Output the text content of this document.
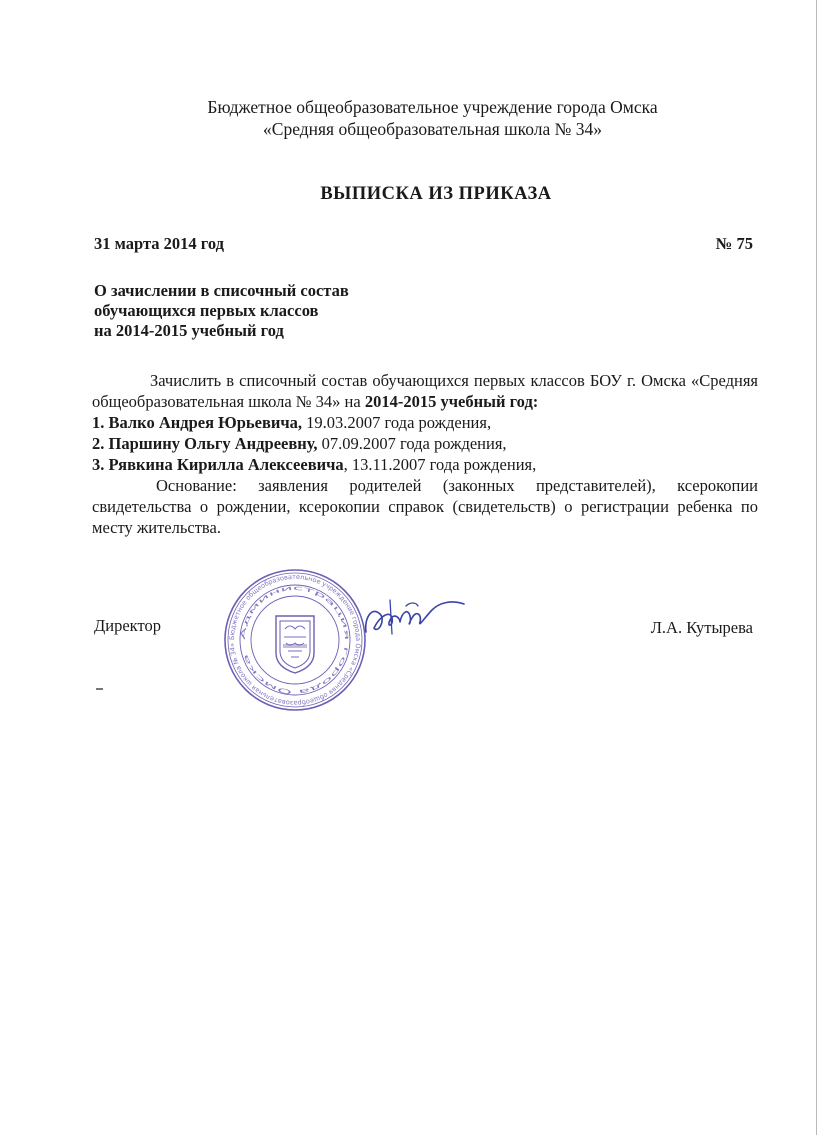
Бюджетное общеобразовательное учреждение города Омска
«Средняя общеобразовательная школа № 34»
ВЫПИСКА ИЗ ПРИКАЗА
31 марта 2014 год	№ 75
О зачислении в списочный состав
обучающихся первых классов
на 2014-2015 учебный год

Зачислить в списочный состав обучающихся первых классов БОУ г. Омска «Средняя общеобразовательная школа № 34» на 2014-2015 учебный год:

1. Валко Андрея Юрьевича, 19.03.2007 года рождения,

2. Паршину Ольгу Андреевну, 07.09.2007 года рождения,

3. Рявкина Кирилла Алексеевича, 13.11.2007 года рождения,

Основание: заявления родителей (законных представителей), ксерокопии свидетельства о рождении, ксерокопии справок (свидетельств) о регистрации ребенка по месту жительства.

Директор
Бюджетное общеобразовательное учреждение города Омска «Средняя общеобразовательная школа № 34»
Администрация города Омска
Л.А. Кутырева
